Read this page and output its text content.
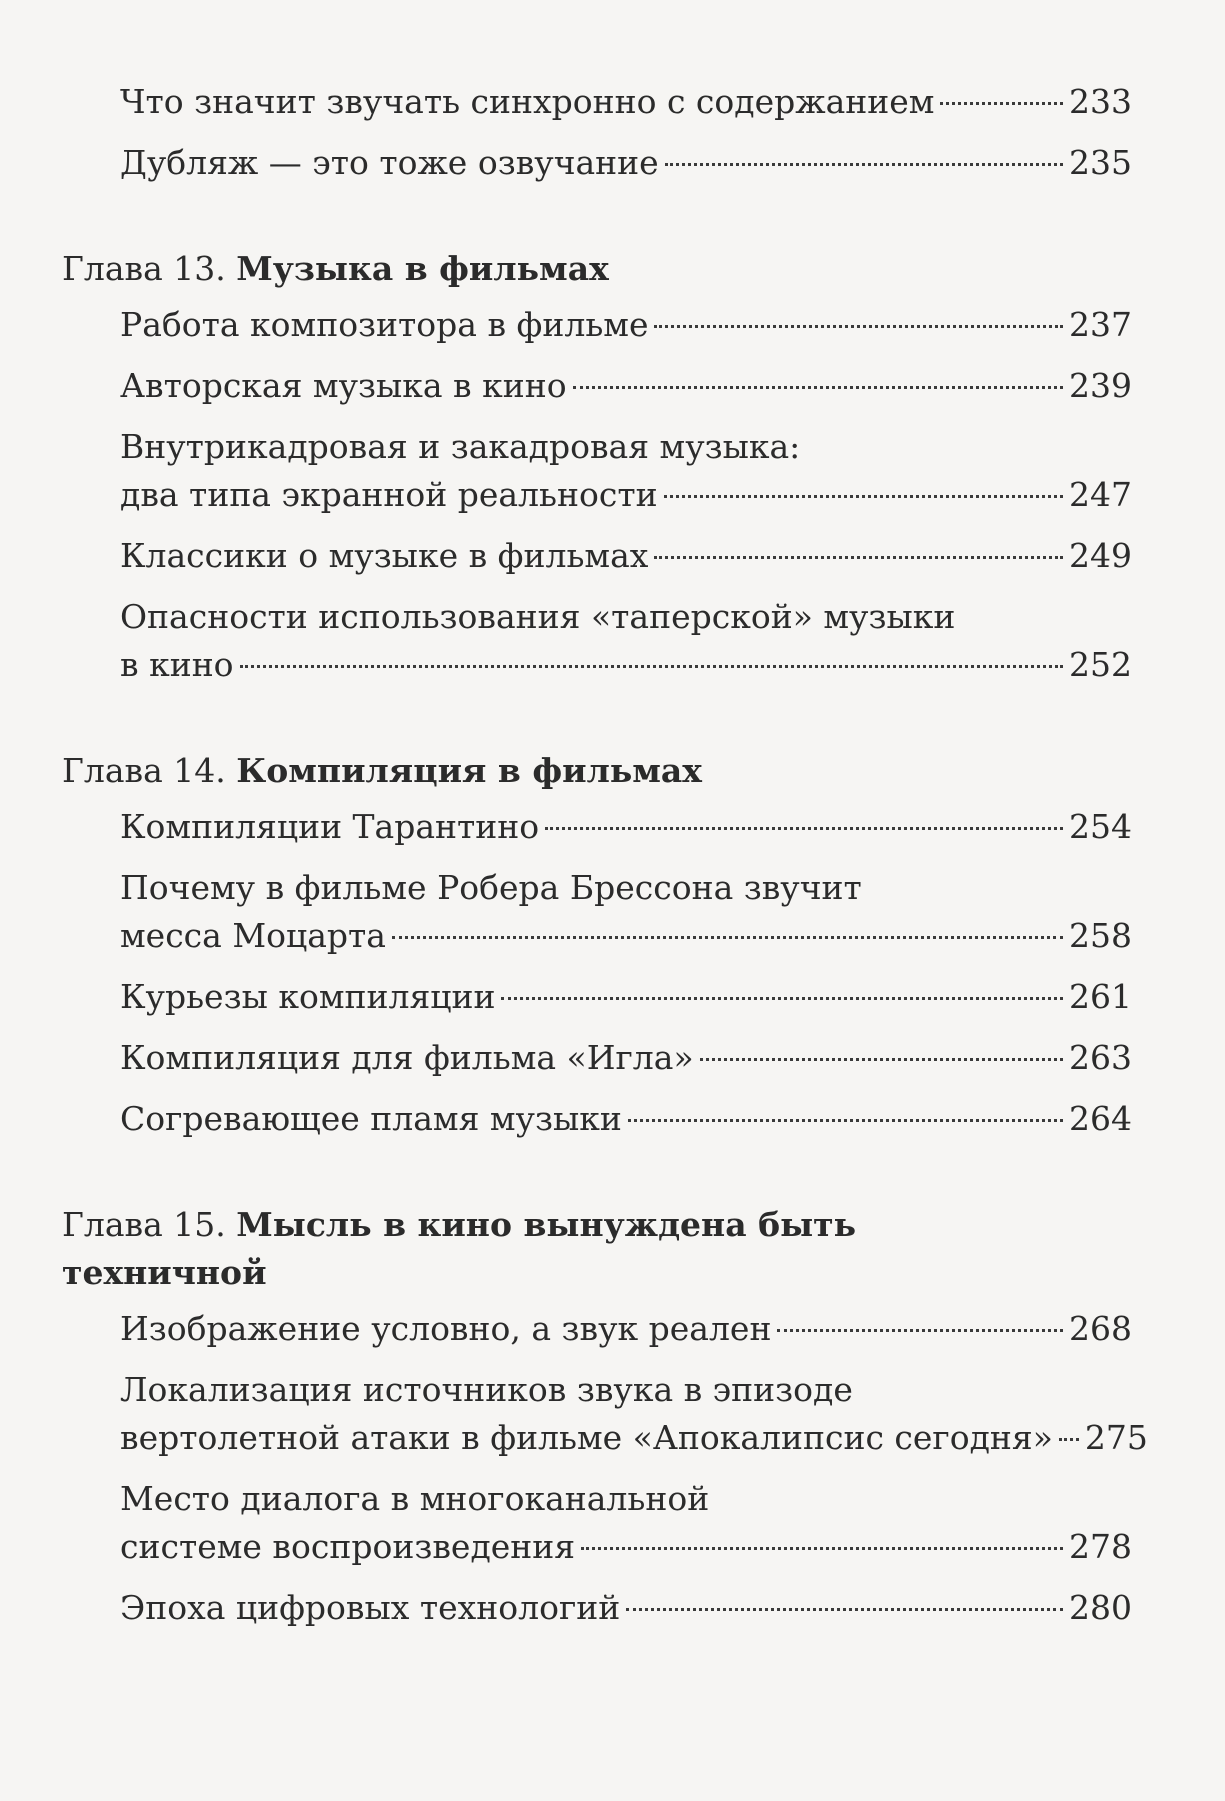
Что значит звучать синхронно с содержанием	233
Дубляж — это тоже озвучание	235
Глава 13. Музыка в фильмах
Работа композитора в фильме	237
Авторская музыка в кино	239
Внутрикадровая и закадровая музыка:
два типа экранной реальности	247
Классики о музыке в фильмах	249
Опасности использования «таперской» музыки
в кино	252
Глава 14. Компиляция в фильмах
Компиляции Тарантино	254
Почему в фильме Робера Брессона звучит
месса Моцарта	258
Курьезы компиляции	261
Компиляция для фильма «Игла»	263
Согревающее пламя музыки	264
Глава 15. Мысль в кино вынуждена быть техничной
Изображение условно, а звук реален	268
Локализация источников звука в эпизоде
вертолетной атаки в фильме «Апокалипсис сегодня» 275
Место диалога в многоканальной
системе воспроизведения	278
Эпоха цифровых технологий	280
